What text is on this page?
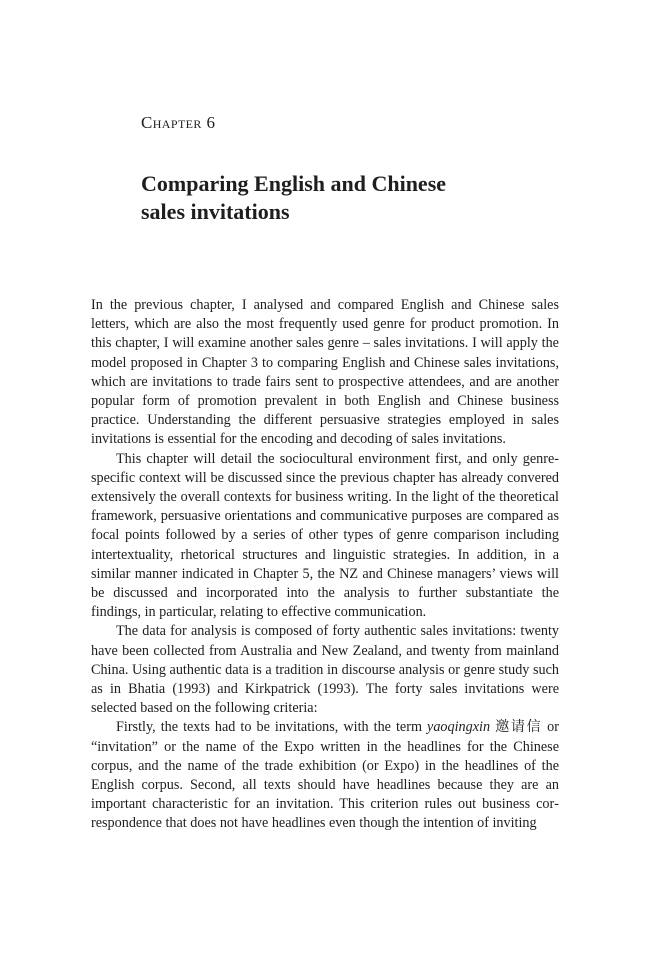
Chapter 6
Comparing English and Chinese
sales invitations

In the previous chapter, I analysed and compared English and Chinese sales letters, which are also the most frequently used genre for product promotion. In this chapter, I will examine another sales genre – sales invitations. I will apply the model proposed in Chapter 3 to comparing English and Chinese sales invitations, which are invitations to trade fairs sent to prospective attendees, and are another popular form of promotion prevalent in both English and Chinese business practice. Understanding the different persuasive strategies employed in sales invitations is essential for the encoding and decoding of sales invitations.

This chapter will detail the sociocultural environment first, and only genre-specific context will be discussed since the previous chapter has already convered extensively the overall contexts for business writing. In the light of the theoretical framework, persuasive orientations and communicative purposes are compared as focal points followed by a series of other types of genre comparison including intertextuality, rhetorical structures and linguistic strategies. In addition, in a similar manner indicated in Chapter 5, the NZ and Chinese managers’ views will be discussed and incorporated into the analysis to further substantiate the findings, in particular, relating to effective communication.

The data for analysis is composed of forty authentic sales invitations: twenty have been collected from Australia and New Zealand, and twenty from mainland China. Using authentic data is a tradition in discourse analysis or genre study such as in Bhatia (1993) and Kirkpatrick (1993). The forty sales invitations were selected based on the following criteria:

Firstly, the texts had to be invitations, with the term yaoqingxin 邀请信 or “invitation” or the name of the Expo written in the headlines for the Chinese corpus, and the name of the trade exhibition (or Expo) in the headlines of the English corpus. Second, all texts should have headlines because they are an important characteristic for an invitation. This criterion rules out business correspondence that does not have headlines even though the intention of inviting
